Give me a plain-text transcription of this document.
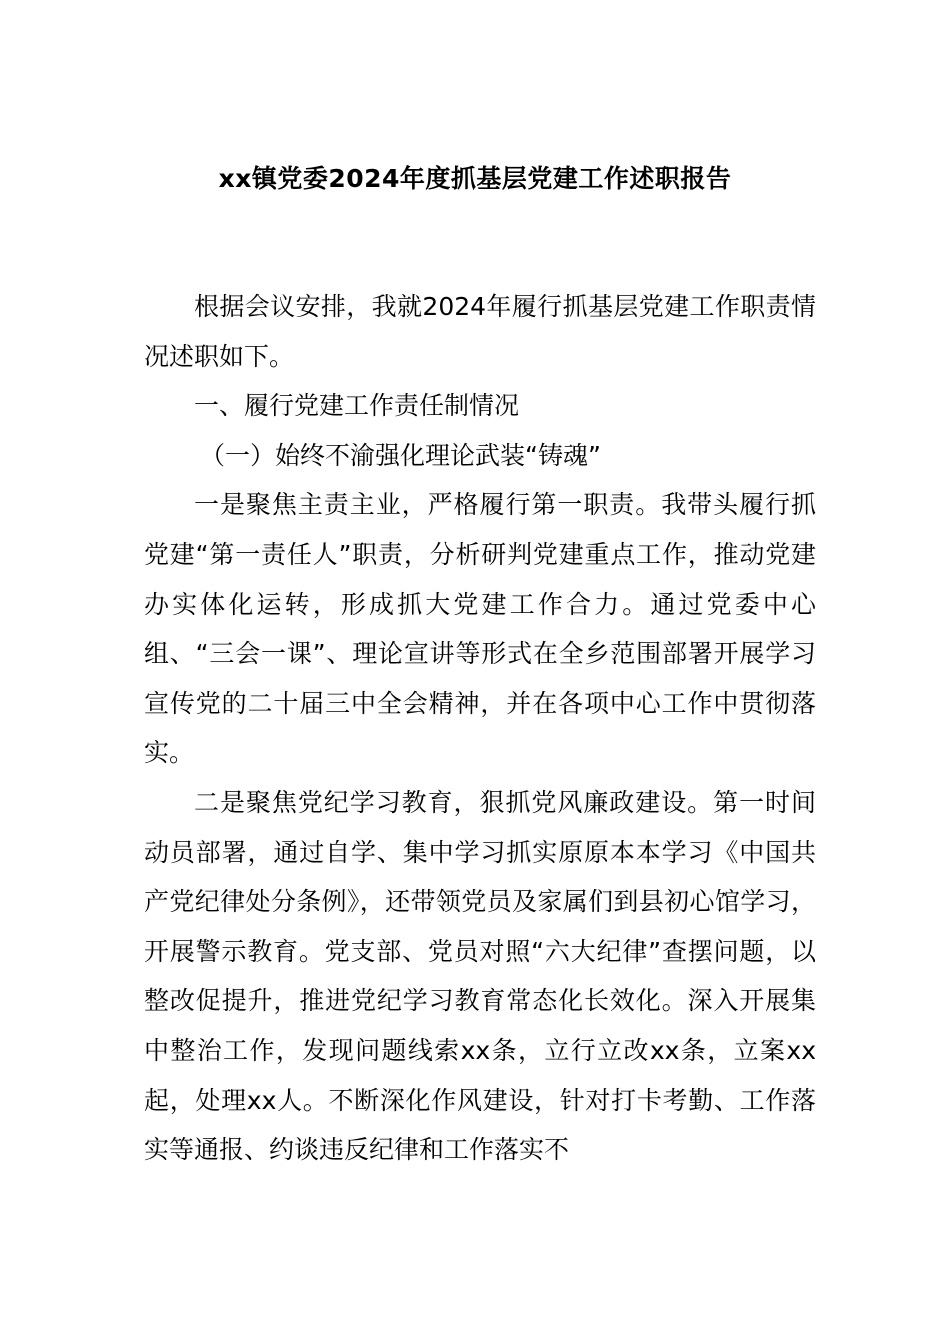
xx镇党委2024年度抓基层党建工作述职报告

根据会议安排，我就2024年履行抓基层党建工作职责情况述职如下。

一、履行党建工作责任制情况

（一）始终不渝强化理论武装“铸魂”

一是聚焦主责主业，严格履行第一职责。我带头履行抓党建“第一责任人”职责，分析研判党建重点工作，推动党建办实体化运转，形成抓大党建工作合力。通过党委中心组、“三会一课”、理论宣讲等形式在全乡范围部署开展学习宣传党的二十届三中全会精神，并在各项中心工作中贯彻落实。

二是聚焦党纪学习教育，狠抓党风廉政建设。第一时间动员部署，通过自学、集中学习抓实原原本本学习《中国共产党纪律处分条例》，还带领党员及家属们到县初心馆学习，开展警示教育。党支部、党员对照“六大纪律”查摆问题，以整改促提升，推进党纪学习教育常态化长效化。深入开展集中整治工作，发现问题线索xx条，立行立改xx条，立案xx起，处理xx人。不断深化作风建设，针对打卡考勤、工作落实等通报、约谈违反纪律和工作落实不
